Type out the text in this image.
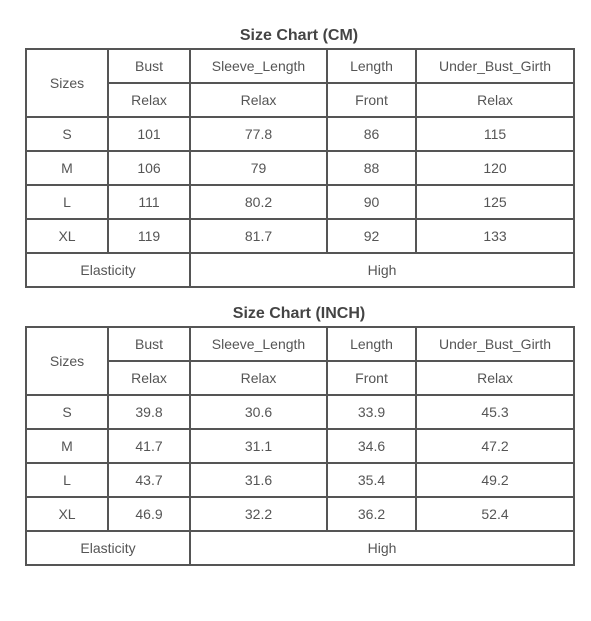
Size Chart (CM)
Sizes	Bust	Sleeve_Length	Length	Under_Bust_Girth
	Relax	Relax	Front	Relax
S	101	77.8	86	115
M	106	79	88	120
L	111	80.2	90	125
XL	119	81.7	92	133
Elasticity		High		
Size Chart (INCH)
Sizes	Bust	Sleeve_Length	Length	Under_Bust_Girth
	Relax	Relax	Front	Relax
S	39.8	30.6	33.9	45.3
M	41.7	31.1	34.6	47.2
L	43.7	31.6	35.4	49.2
XL	46.9	32.2	36.2	52.4
Elasticity		High		
